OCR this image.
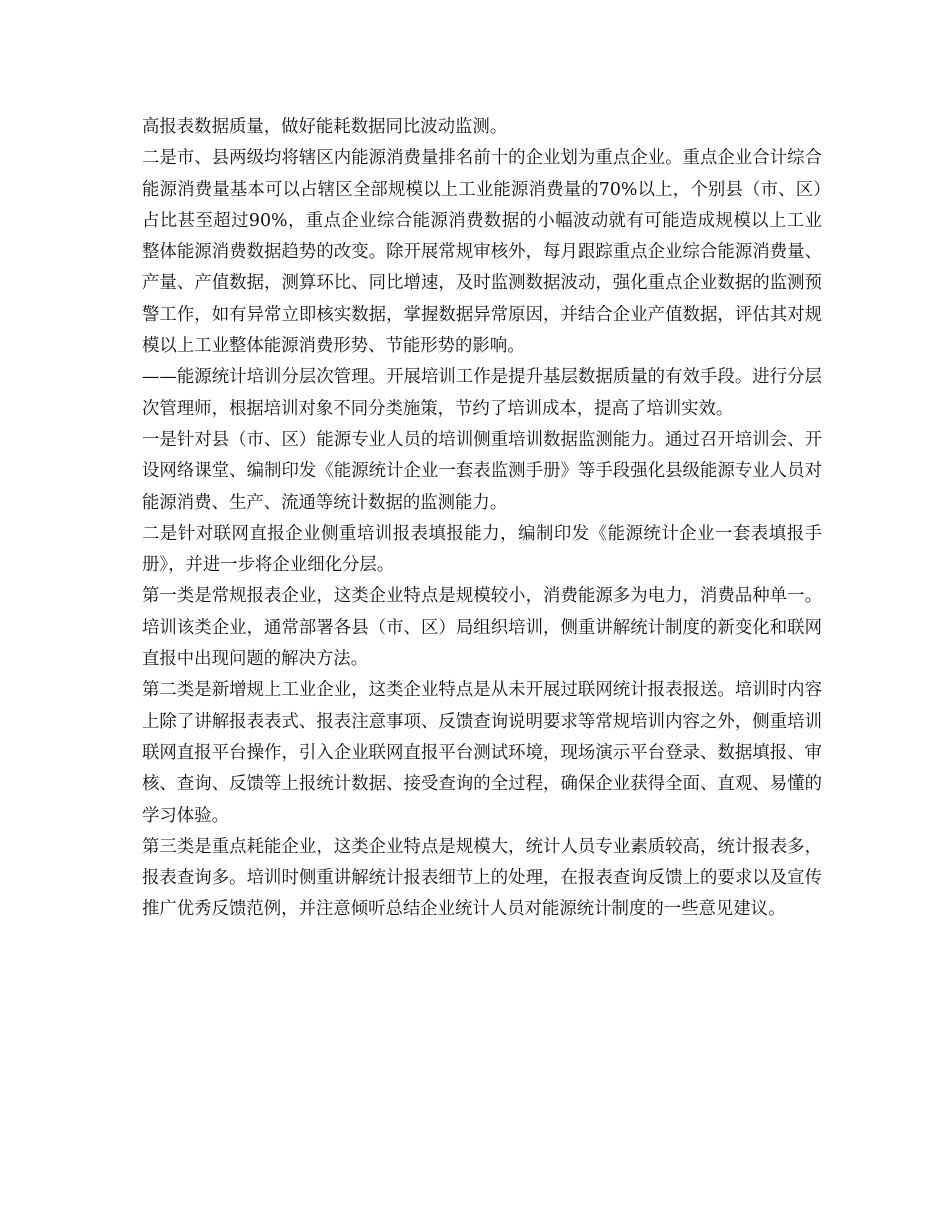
高报表数据质量，做好能耗数据同比波动监测。

二是市、县两级均将辖区内能源消费量排名前十的企业划为重点企业。重点企业合计综合能源消费量基本可以占辖区全部规模以上工业能源消费量的70%以上，个别县（市、区）占比甚至超过90%，重点企业综合能源消费数据的小幅波动就有可能造成规模以上工业整体能源消费数据趋势的改变。除开展常规审核外，每月跟踪重点企业综合能源消费量、产量、产值数据，测算环比、同比增速，及时监测数据波动，强化重点企业数据的监测预警工作，如有异常立即核实数据，掌握数据异常原因，并结合企业产值数据，评估其对规模以上工业整体能源消费形势、节能形势的影响。

——能源统计培训分层次管理。开展培训工作是提升基层数据质量的有效手段。进行分层次管理师，根据培训对象不同分类施策，节约了培训成本，提高了培训实效。

一是针对县（市、区）能源专业人员的培训侧重培训数据监测能力。通过召开培训会、开设网络课堂、编制印发《能源统计企业一套表监测手册》等手段强化县级能源专业人员对能源消费、生产、流通等统计数据的监测能力。

二是针对联网直报企业侧重培训报表填报能力，编制印发《能源统计企业一套表填报手册》，并进一步将企业细化分层。

第一类是常规报表企业，这类企业特点是规模较小，消费能源多为电力，消费品种单一。培训该类企业，通常部署各县（市、区）局组织培训，侧重讲解统计制度的新变化和联网直报中出现问题的解决方法。

第二类是新增规上工业企业，这类企业特点是从未开展过联网统计报表报送。培训时内容上除了讲解报表表式、报表注意事项、反馈查询说明要求等常规培训内容之外，侧重培训联网直报平台操作，引入企业联网直报平台测试环境，现场演示平台登录、数据填报、审核、查询、反馈等上报统计数据、接受查询的全过程，确保企业获得全面、直观、易懂的学习体验。

第三类是重点耗能企业，这类企业特点是规模大，统计人员专业素质较高，统计报表多，报表查询多。培训时侧重讲解统计报表细节上的处理，在报表查询反馈上的要求以及宣传推广优秀反馈范例，并注意倾听总结企业统计人员对能源统计制度的一些意见建议。
